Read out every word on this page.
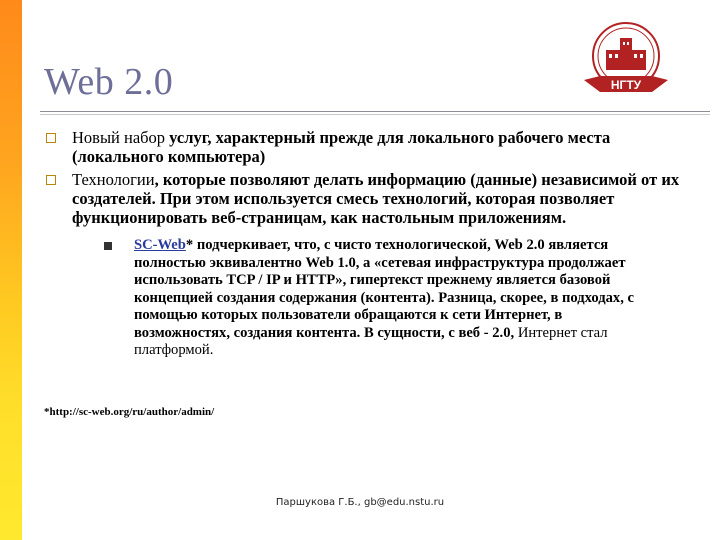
Web 2.0	НГТУ
Новый набор услуг, характерный прежде для локального рабочего места (локального компьютера)
Технологии, которые позволяют делать информацию (данные) независимой от их создателей. При этом используется смесь технологий, которая позволяет функционировать веб-страницам, как настольным приложениям.
SC-Web* подчеркивает, что, с чисто технологической, Web 2.0 является полностью эквивалентно Web 1.0, а «сетевая инфраструктура продолжает использовать TCP / IP и HTTP», гипертекст прежнему является базовой концепцией создания содержания (контента). Разница, скорее, в подходах, с помощью которых пользователи обращаются к сети Интернет, в возможностях, создания контента. В сущности, с веб - 2.0, Интернет стал платформой.
*http://sc-web.org/ru/author/admin/
Паршукова Г.Б., gb@edu.nstu.ru
